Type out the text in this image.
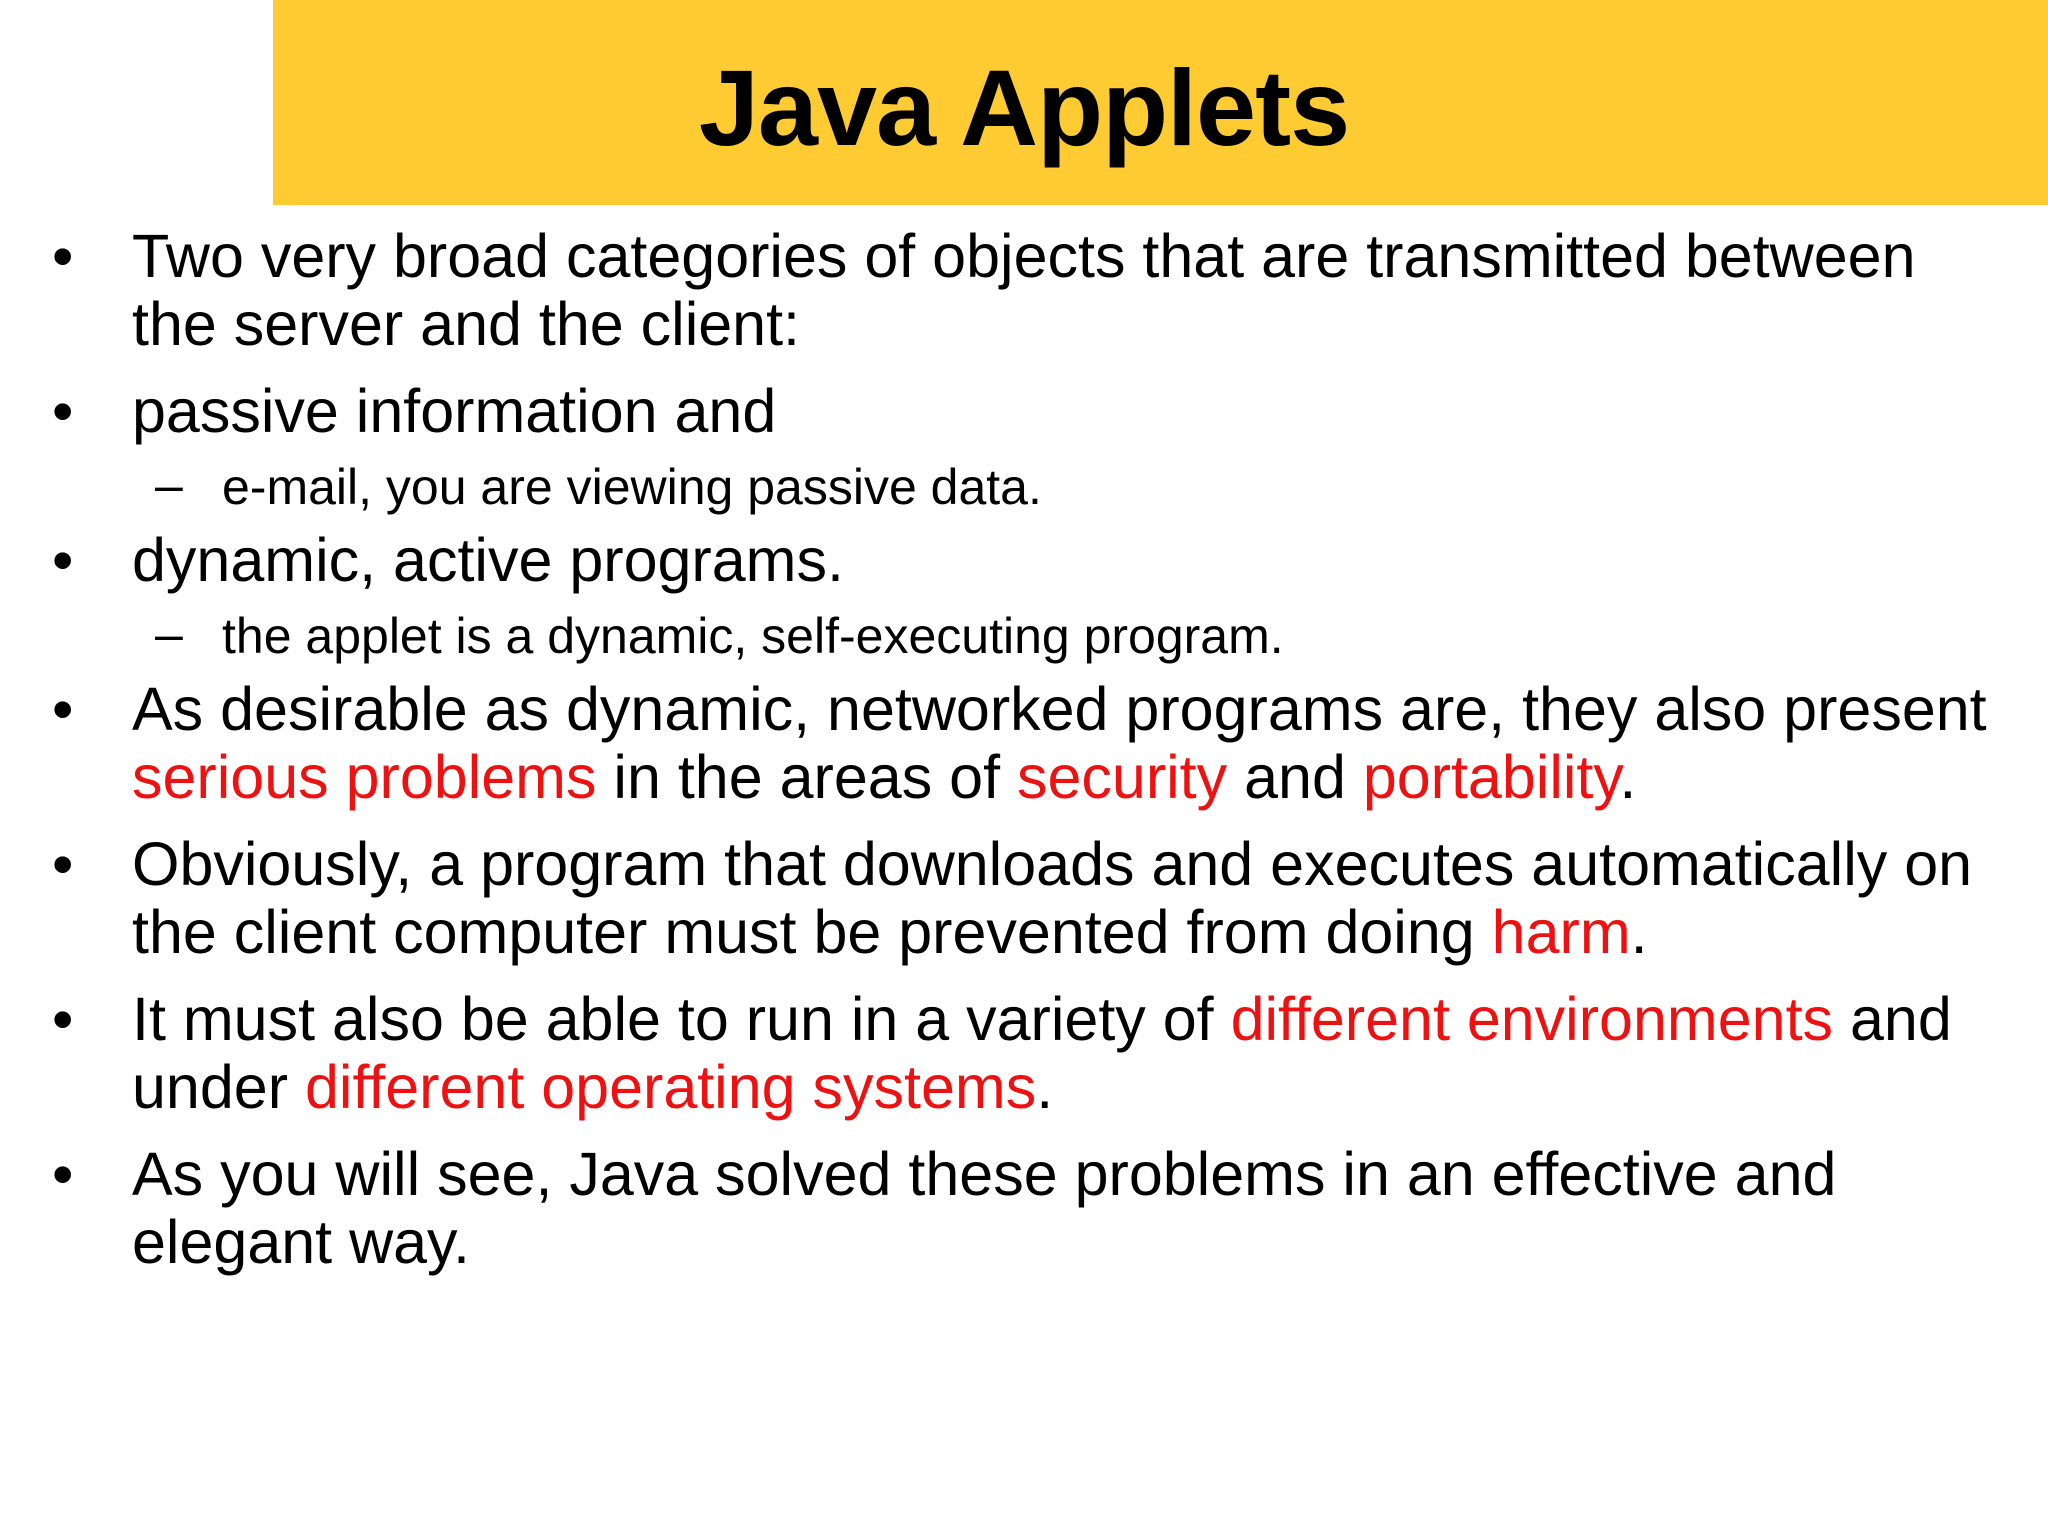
Java Applets
• Two very broad categories of objects that are transmitted between the server and the client:
• passive information and
– e-mail, you are viewing passive data.
• dynamic, active programs.
– the applet is a dynamic, self-executing program.
• As desirable as dynamic, networked programs are, they also present serious problems in the areas of security and portability.
• Obviously, a program that downloads and executes automatically on the client computer must be prevented from doing harm.
• It must also be able to run in a variety of different environments and under different operating systems.
• As you will see, Java solved these problems in an effective and elegant way.
